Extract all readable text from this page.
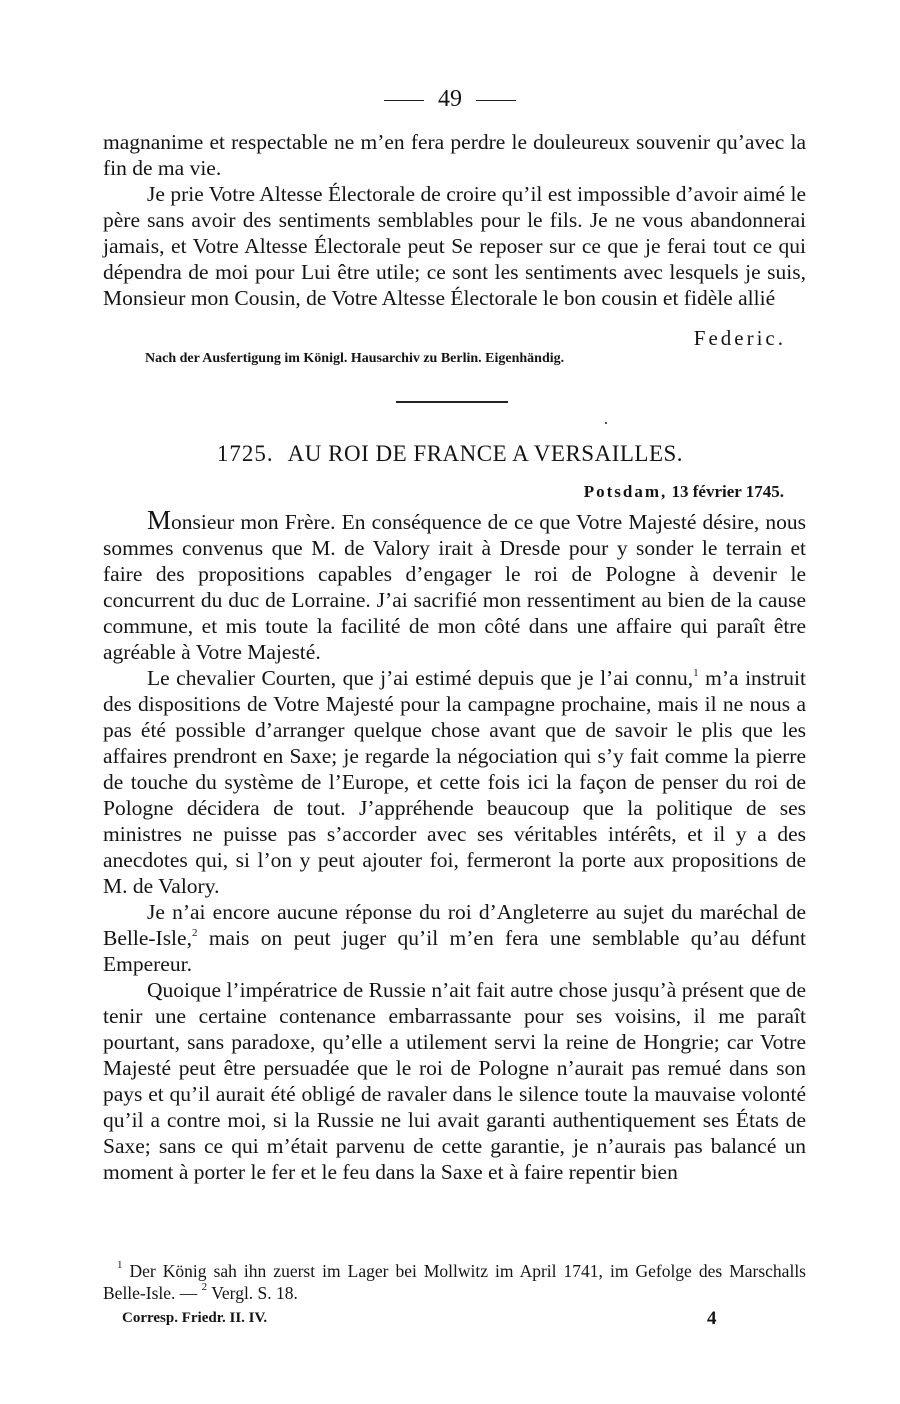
49

magnanime et respectable ne m’en fera perdre le douleureux souvenir qu’avec la fin de ma vie.

Je prie Votre Altesse Électorale de croire qu’il est impossible d’avoir aimé le père sans avoir des sentiments semblables pour le fils. Je ne vous abandonnerai jamais, et Votre Altesse Électorale peut Se reposer sur ce que je ferai tout ce qui dépendra de moi pour Lui être utile; ce sont les sentiments avec lesquels je suis, Monsieur mon Cousin, de Votre Altesse Électorale le bon cousin et fidèle allié

Federic.
Nach der Ausfertigung im Königl. Hausarchiv zu Berlin. Eigenhändig.
1725. AU ROI DE FRANCE A VERSAILLES.
Potsdam, 13 février 1745.

Monsieur mon Frère. En conséquence de ce que Votre Majesté désire, nous sommes convenus que M. de Valory irait à Dresde pour y sonder le terrain et faire des propositions capables d’engager le roi de Pologne à devenir le concurrent du duc de Lorraine. J’ai sacrifié mon ressentiment au bien de la cause commune, et mis toute la facilité de mon côté dans une affaire qui paraît être agréable à Votre Majesté.

Le chevalier Courten, que j’ai estimé depuis que je l’ai connu,$^1$ m’a instruit des dispositions de Votre Majesté pour la campagne prochaine, mais il ne nous a pas été possible d’arranger quelque chose avant que de savoir le plis que les affaires prendront en Saxe; je regarde la négociation qui s’y fait comme la pierre de touche du système de l’Europe, et cette fois ici la façon de penser du roi de Pologne décidera de tout. J’appréhende beaucoup que la politique de ses ministres ne puisse pas s’accorder avec ses véritables intérêts, et il y a des anecdotes qui, si l’on y peut ajouter foi, fermeront la porte aux propositions de M. de Valory.

Je n’ai encore aucune réponse du roi d’Angleterre au sujet du maréchal de Belle-Isle,$^2$ mais on peut juger qu’il m’en fera une semblable qu’au défunt Empereur.

Quoique l’impératrice de Russie n’ait fait autre chose jusqu’à présent que de tenir une certaine contenance embarrassante pour ses voisins, il me paraît pourtant, sans paradoxe, qu’elle a utilement servi la reine de Hongrie; car Votre Majesté peut être persuadée que le roi de Pologne n’aurait pas remué dans son pays et qu’il aurait été obligé de ravaler dans le silence toute la mauvaise volonté qu’il a contre moi, si la Russie ne lui avait garanti authentiquement ses États de Saxe; sans ce qui m’était parvenu de cette garantie, je n’aurais pas balancé un moment à porter le fer et le feu dans la Saxe et à faire repentir bien

$^1$ Der König sah ihn zuerst im Lager bei Mollwitz im April 1741, im Gefolge des Marschalls Belle-Isle. — $^2$ Vergl. S. 18.

Corresp. Friedr. II. IV.	4
